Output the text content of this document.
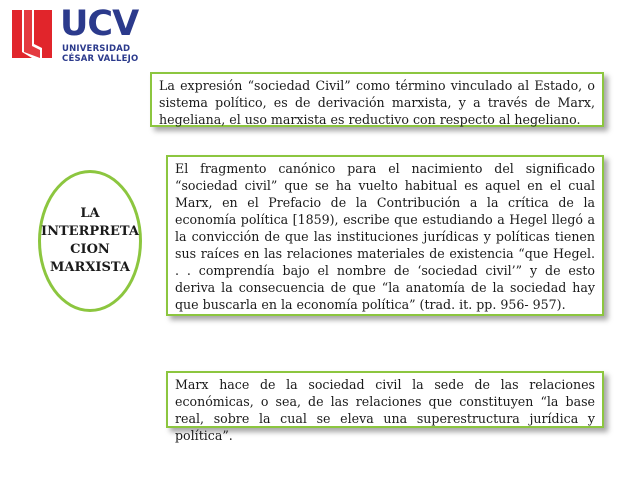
UCV
UNIVERSIDAD
CÉSAR VALLEJO
La expresión “sociedad Civil” como término vinculado al Estado, o sistema político, es de derivación marxista, y a través de Marx, hegeliana, el uso marxista es reductivo con respecto al hegeliano.
LA
INTERPRETA
CION
MARXISTA
El fragmento canónico para el nacimiento del significado “sociedad civil” que se ha vuelto habitual es aquel en el cual Marx, en el Prefacio de la Contribución a la crítica de la economía política [1859), escribe que estudiando a Hegel llegó a la convicción de que las instituciones jurídicas y políticas tienen sus raíces en las relaciones materiales de existencia “que Hegel. . . comprendía bajo el nombre de ‘sociedad civil’” y de esto deriva la consecuencia de que “la anatomía de la sociedad hay que buscarla en la economía política” (trad. it. pp. 956- 957).
Marx hace de la sociedad civil la sede de las relaciones económicas, o sea, de las relaciones que constituyen “la base real, sobre la cual se eleva una superestructura jurídica y política”.
